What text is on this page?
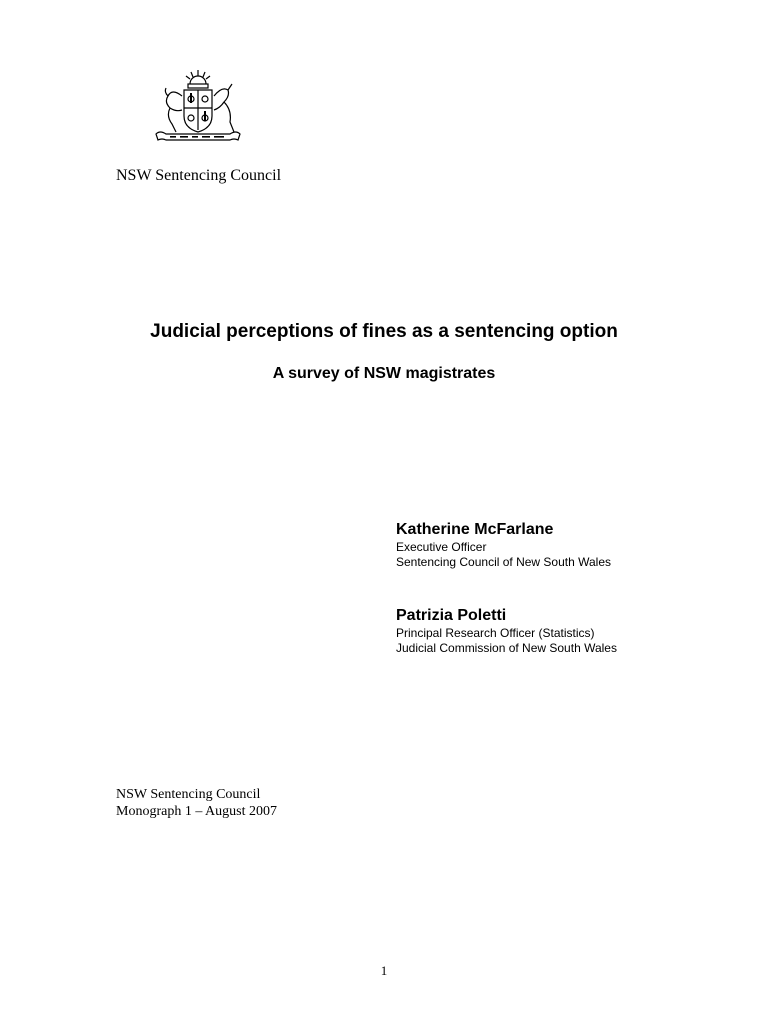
NSW Sentencing Council
Judicial perceptions of fines as a sentencing option
A survey of NSW magistrates
Katherine McFarlane
Executive Officer
Sentencing Council of New South Wales
Patrizia Poletti
Principal Research Officer (Statistics)
Judicial Commission of New South Wales
NSW Sentencing Council
Monograph 1 – August 2007
1
